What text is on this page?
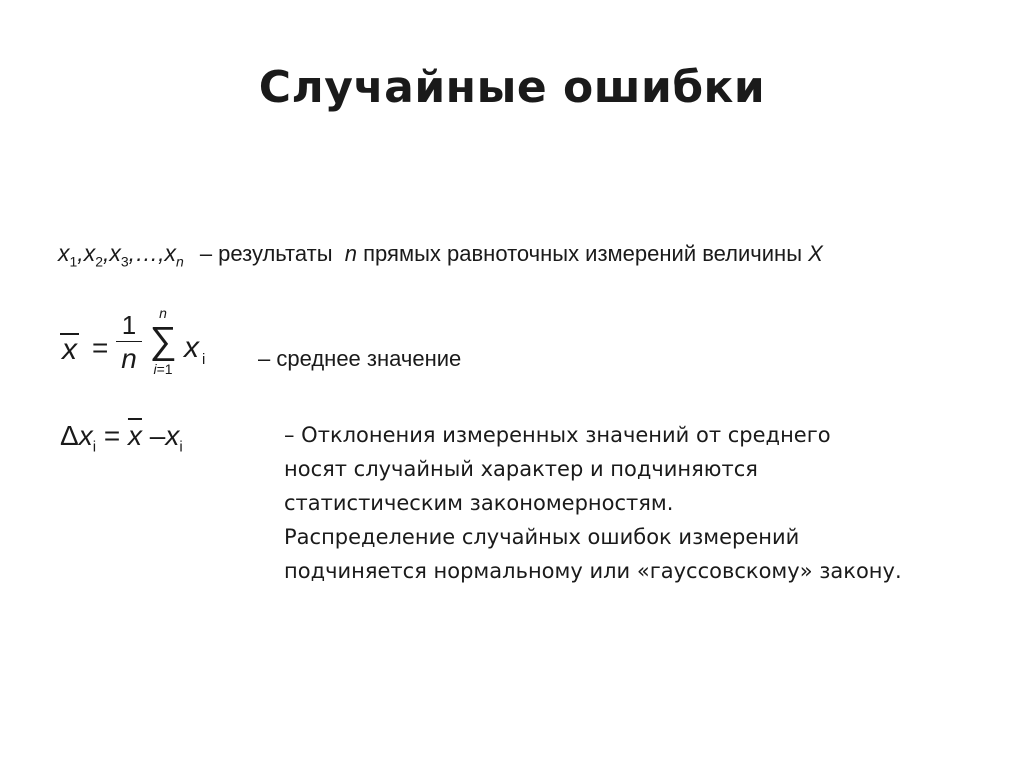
Случайные ошибки
$x_1,x_2,x_3,\dots,x_n$ – результаты n прямых равноточных измерений величины X
x =
1
n
n
∑
i=1
x $_i$ – среднее значение
$\Delta x_i = \overline{x}$ $-x_i$

– Отклонения измеренных значений от среднего

носят случайный характер и подчиняются

статистическим закономерностям.

Распределение случайных ошибок измерений

подчиняется нормальному или «гауссовскому» закону.
